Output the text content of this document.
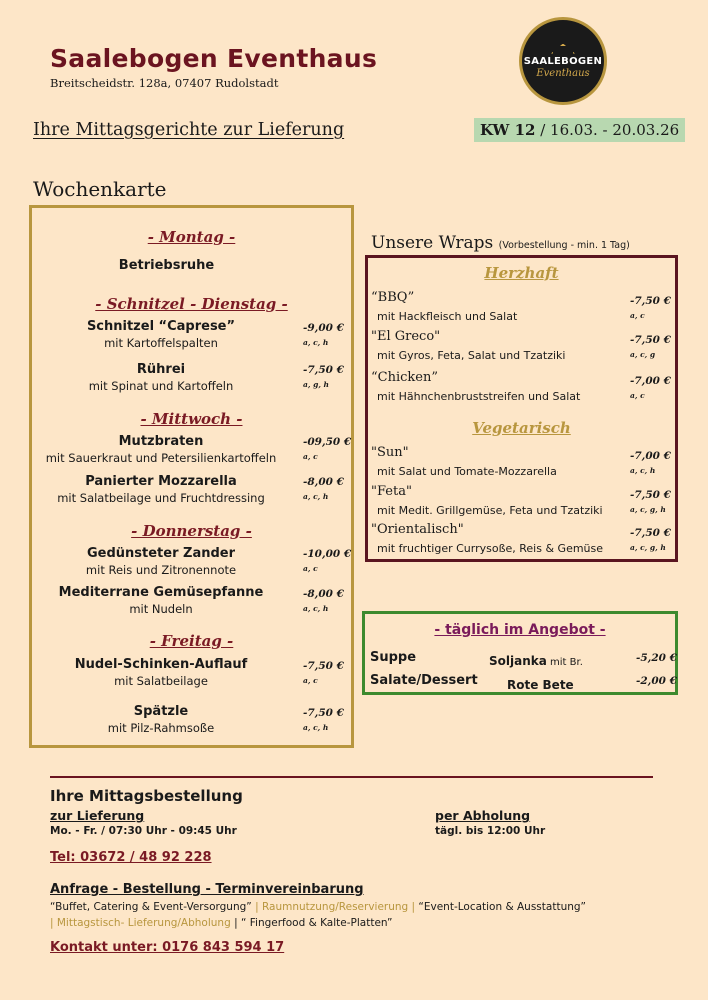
Saalebogen Eventhaus
Breitscheidstr. 128a, 07407 Rudolstadt
SAALEBOGEN
Eventhaus
Ihre Mittagsgerichte zur Lieferung	KW 12 / 16.03. - 20.03.26
Wochenkarte
- Montag -
Betriebsruhe
- Schnitzel - Dienstag -
Schnitzel “Caprese”
mit Kartoffelspalten
-9,00 €
a, c, h
Rührei
mit Spinat und Kartoffeln
-7,50 €
a, g, h
- Mittwoch -
Mutzbraten
mit Sauerkraut und Petersilienkartoffeln
-09,50 €
a, c
Panierter Mozzarella
mit Salatbeilage und Fruchtdressing
-8,00 €
a, c, h
- Donnerstag -
Gedünsteter Zander
mit Reis und Zitronennote
-10,00 €
a, c
Mediterrane Gemüsepfanne
mit Nudeln
-8,00 €
a, c, h
- Freitag -
Nudel-Schinken-Auflauf
mit Salatbeilage
-7,50 €
a, c
Spätzle
mit Pilz-Rahmsoße
-7,50 €
a, c, h
Unsere Wraps (Vorbestellung - min. 1 Tag)
Herzhaft
“BBQ”
mit Hackfleisch und Salat
-7,50 €
a, c
"El Greco"
mit Gyros, Feta, Salat und Tzatziki
-7,50 €
a, c, g
“Chicken”
mit Hähnchenbruststreifen und Salat
-7,00 €
a, c
Vegetarisch
"Sun"
mit Salat und Tomate-Mozzarella
-7,00 €
a, c, h
"Feta"
mit Medit. Grillgemüse, Feta und Tzatziki
-7,50 €
a, c, g, h
"Orientalisch"
mit fruchtiger Currysoße, Reis & Gemüse
-7,50 €
a, c, g, h
- täglich im Angebot -
Suppe	Soljanka mit Br.	-5,20 €
Salate/Dessert Rote Bete	-2,00 €
Ihre Mittagsbestellung
zur Lieferung
Mo. - Fr. / 07:30 Uhr - 09:45 Uhr
per Abholung
tägl. bis 12:00 Uhr
Tel: 03672 / 48 92 228
Anfrage - Bestellung - Terminvereinbarung
“Buffet, Catering & Event-Versorgung” | Raumnutzung/Reservierung | “Event-Location & Ausstattung”
| Mittagstisch- Lieferung/Abholung | “ Fingerfood & Kalte-Platten”
Kontakt unter: 0176 843 594 17
